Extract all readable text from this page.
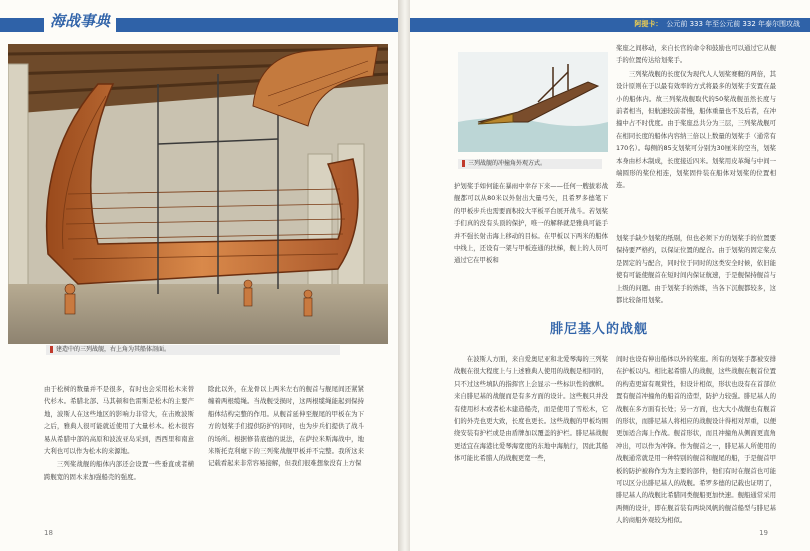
海战事典
建造中的三列战舰，右上角为其船体剖面。

由于松树的数量并不是很多，有时也会采用松木来替代杉木。希腊北部、马其顿和色雷斯是松木的主要产地，波斯人在这些地区的影响力非常大，在击败波斯之后，雅典人很可能就近使用了大量杉木。松木很容易从希腊中部的高原和波波亚岛采到，西西里和南意大利也可以作为松木的来源地。

三列桨战舰的船体内部还会设置一些垂直或者横跨舰宽的固木来加强船壳的强度。

除此以外，在龙骨以上两米左右的舰首与舰尾间还紧紧缠着两根缆绳。当战舰受损时，这两根缆绳能起到保持船体结构完整的作用。从舰首延伸至舰尾的甲板在为下方的划桨手们提供防护的同时，也为步兵们提供了战斗的场所。根据修昔底德的说法，在萨拉米斯海战中，地米斯托克利麾下的三列桨战舰甲板并不完整。我所这来记载看起来非常容易接解，但我们很难想象没有上方保

18
阿提卡： 公元前 333 年至公元前 332 年泰尔围攻战
三列战舰的冲撞角外观方式。

桨座之间移动，来自长官的命令和鼓励也可以通过它从舰手的位置传达给划桨手。

三列桨战舰的长度仅为现代人人划桨赛艇的两倍，其设计原则在于以最有效率的方式将最多的划桨手安置在最小的船体内。故三列桨战舰取代的50桨战舰虽然长度与前者相当，但航速较前者慢，船体重量也不及后者，在冲撞中占不时优度。由于桨座总共分为三层，三列桨战舰可在相同长度的船体内容纳三倍以上数量的划桨手（通常有170名）。每侧的85支划桨可分别为30厘米的空当，划桨本身由杉木制成，长度接近四米。划桨用皮革绳与中间一端圆形的桨位相连，划桨固件装在船体对划桨的位置相连。

护划桨手如何能在暴雨中幸存下来——任何一艘拔彩战舰都可以从80米以外射出大量弓矢，且希罗多德笔下的甲板步兵也需要面积较大平板平台展开战斗。若划桨手们真的没有头顶的保护，唯一的解释就是雅典可能手并不强长射击海上移动的目标。在甲板以下两米的船体中线上，还设有一架与甲板连通的扶梯，舰上的人员可通过它在甲板和

划桨手缺少划桨的纸剔，但也必须下方的划桨手的位置要保持要严格约，以保证位置的配合。由于划桨的固定桨点是固定的与配合，同时位于同时的这类安全时候，依旧能使有可能使舰首在短时间内保证航速，于是舰保持舰首与上级的问题。由于划桨手的熟练，当各下沉舰都较多，这都比较备用划桨。

腓尼基人的战舰

在波斯人方面，来自爱奥尼亚和北爱琴海的三列桨战舰在很大程度上与上述雅典人使用的战舰是相同的，只不过这些填队的指挥官上会显示一些标识性的旗帜。来自腓尼基的战舰而是有多方面的设计。这些舰只并没有使用杉木或者松木建造船壳，而是使用了雪松木，它们的外壳也更大致，长度也更长。这些战舰的甲板均围绕安装有护栏或是由盾牌加以覆盖的护栏。腓尼基战舰更适宜在海港比爱琴海宽度的东地中海航行，因此其船体可能比希腊人的战舰更宽一些，

间时也设有伸出船体以外的桨座。所有的划桨手都被安排在护板以内。相比起希腊人的战舰，这些战舰在舰首位置的构造更富有观赏性，但设计相似，形状也设有在首部位置有舰首冲撞角的船首的造型，防护力较强。腓尼基人的战舰在多方面有长处；另一方面，也大大小战舰也有舰首的形状，而腓尼基人将相应的战舰设计得相对厚重，以便更加适合海上作战。舰首形状，而且冲撞角从侧面更直角冲出，可以作为冲锋。作为舰首之一，腓尼基人所使用的战舰通常就是用一种特别的舰首和舰尾的船，于是舰首甲板的防护被称作为为主要的部件，他们有时在舰首也可能可以区分出腓尼基人的战舰。希罗多德的记载也证明了，腓尼基人的战舰比希腊同类舰船更加快速。舰船通常采用两侧的设计，即在舰首装有两块风帆的舰首船型与腓尼基人的商船外观较为相似。

19
